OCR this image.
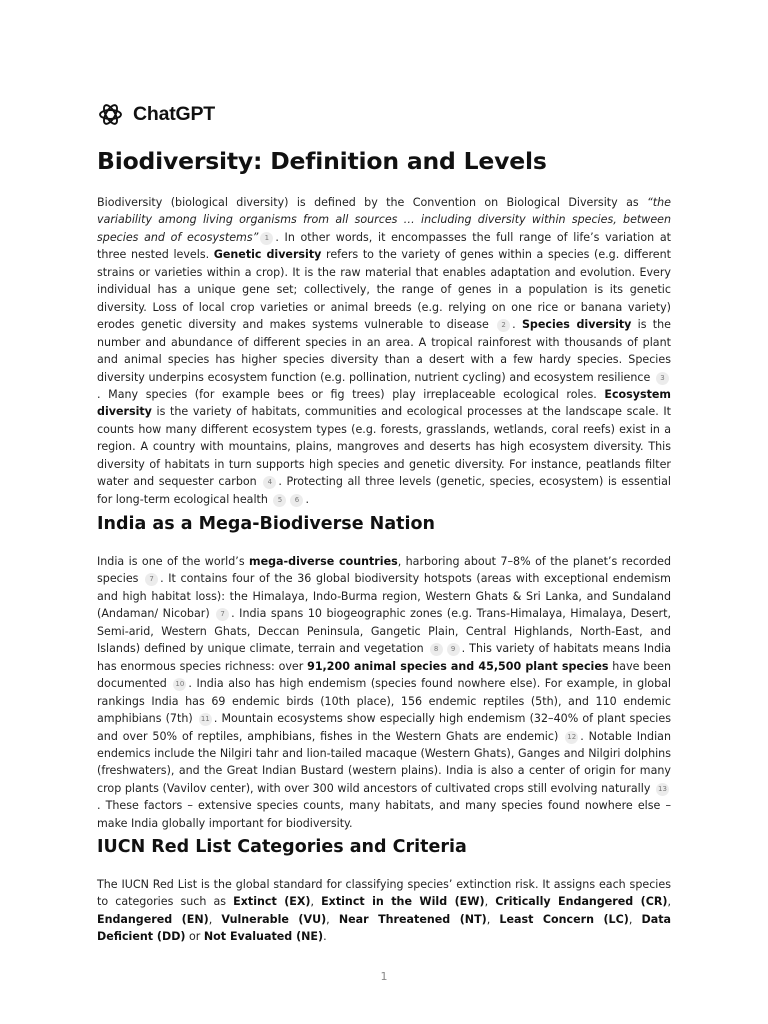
ChatGPT
Biodiversity: Definition and Levels

Biodiversity (biological diversity) is defined by the Convention on Biological Diversity as “the variability among living organisms from all sources … including diversity within species, between species and of ecosystems” 1 . In other words, it encompasses the full range of life’s variation at three nested levels. Genetic diversity refers to the variety of genes within a species (e.g. different strains or varieties within a crop). It is the raw material that enables adaptation and evolution. Every individual has a unique gene set; collectively, the range of genes in a population is its genetic diversity. Loss of local crop varieties or animal breeds (e.g. relying on one rice or banana variety) erodes genetic diversity and makes systems vulnerable to disease 2 . Species diversity is the number and abundance of different species in an area. A tropical rainforest with thousands of plant and animal species has higher species diversity than a desert with a few hardy species. Species diversity underpins ecosystem function (e.g. pollination, nutrient cycling) and ecosystem resilience 3. Many species (for example bees or fig trees) play irreplaceable ecological roles. Ecosystem diversity is the variety of habitats, communities and ecological processes at the landscape scale. It counts how many different ecosystem types (e.g. forests, grasslands, wetlands, coral reefs) exist in a region. A country with mountains, plains, mangroves and deserts has high ecosystem diversity. This diversity of habitats in turn supports high species and genetic diversity. For instance, peatlands filter water and sequester carbon 4 . Protecting all three levels (genetic, species, ecosystem) is essential for long-term ecological health 5 6 .

India as a Mega-Biodiverse Nation

India is one of the world’s mega-diverse countries, harboring about 7–8% of the planet’s recorded species 7 . It contains four of the 36 global biodiversity hotspots (areas with exceptional endemism and high habitat loss): the Himalaya, Indo-Burma region, Western Ghats & Sri Lanka, and Sundaland (Andaman/ Nicobar) 7 . India spans 10 biogeographic zones (e.g. Trans-Himalaya, Himalaya, Desert, Semi-arid, Western Ghats, Deccan Peninsula, Gangetic Plain, Central Highlands, North-East, and Islands) defined by unique climate, terrain and vegetation 8 9 . This variety of habitats means India has enormous species richness: over 91,200 animal species and 45,500 plant species have been documented 10 . India also has high endemism (species found nowhere else). For example, in global rankings India has 69 endemic birds (10th place), 156 endemic reptiles (5th), and 110 endemic amphibians (7th) 11 . Mountain ecosystems show especially high endemism (32–40% of plant species and over 50% of reptiles, amphibians, fishes in the Western Ghats are endemic) 12 . Notable Indian endemics include the Nilgiri tahr and lion-tailed macaque (Western Ghats), Ganges and Nilgiri dolphins (freshwaters), and the Great Indian Bustard (western plains). India is also a center of origin for many crop plants (Vavilov center), with over 300 wild ancestors of cultivated crops still evolving naturally 13. These factors – extensive species counts, many habitats, and many species found nowhere else – make India globally important for biodiversity.

IUCN Red List Categories and Criteria

The IUCN Red List is the global standard for classifying species’ extinction risk. It assigns each species to categories such as Extinct (EX), Extinct in the Wild (EW), Critically Endangered (CR), Endangered (EN), Vulnerable (VU), Near Threatened (NT), Least Concern (LC), Data Deficient (DD) or Not Evaluated (NE).

1
